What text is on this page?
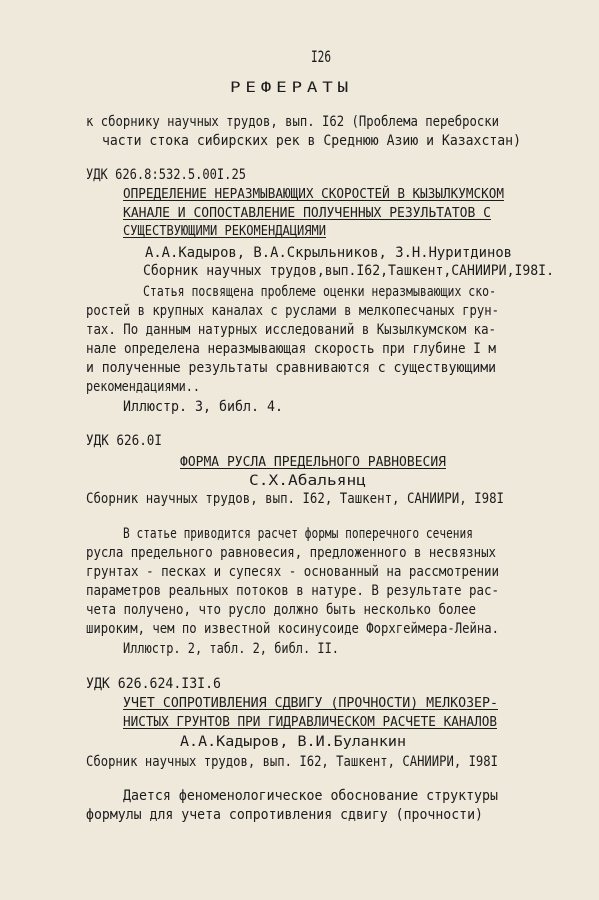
I26
РЕФЕРАТЫ
к сборнику научных трудов, вып. I62 (Проблема переброски
части стока сибирских рек в Среднюю Азию и Казахстан)
УДК 626.8:532.5.00I.25
ОПРЕДЕЛЕНИЕ НЕРАЗМЫВАЮЩИХ СКОРОСТЕЙ В КЫЗЫЛКУМСКОМ
КАНАЛЕ И СОПОСТАВЛЕНИЕ ПОЛУЧЕННЫХ РЕЗУЛЬТАТОВ С
СУЩЕСТВУЮЩИМИ РЕКОМЕНДАЦИЯМИ
А.А.Кадыров, В.А.Скрыльников, З.Н.Нуритдинов
Сборник научных трудов,вып.I62,Ташкент,САНИИРИ,I98I.
Статья посвящена проблеме оценки неразмывающих ско-
ростей в крупных каналах с руслами в мелкопесчаных грун-
тах. По данным натурных исследований в Кызылкумском ка-
нале определена неразмывающая скорость при глубине I м
и полученные результаты сравниваются с существующими
рекомендациями..
Иллюстр. 3, библ. 4.
УДК 626.0I
ФОРМА РУСЛА ПРЕДЕЛЬНОГО РАВНОВЕСИЯ
С.Х.Абальянц
Сборник научных трудов, вып. I62, Ташкент, САНИИРИ, I98I
В статье приводится расчет формы поперечного сечения
русла предельного равновесия, предложенного в несвязных
грунтах - песках и супесях - основанный на рассмотрении
параметров реальных потоков в натуре. В результате рас-
чета получено, что русло должно быть несколько более
широким, чем по известной косинусоиде Форхгеймера-Лейна.
Иллюстр. 2, табл. 2, библ. II.
УДК 626.624.I3I.6
УЧЕТ СОПРОТИВЛЕНИЯ СДВИГУ (ПРОЧНОСТИ) МЕЛКОЗЕР-
НИСТЫХ ГРУНТОВ ПРИ ГИДРАВЛИЧЕСКОМ РАСЧЕТЕ КАНАЛОВ
А.А.Кадыров, В.И.Буланкин
Сборник научных трудов, вып. I62, Ташкент, САНИИРИ, I98I
Дается феноменологическое обоснование структуры
формулы для учета сопротивления сдвигу (прочности)
